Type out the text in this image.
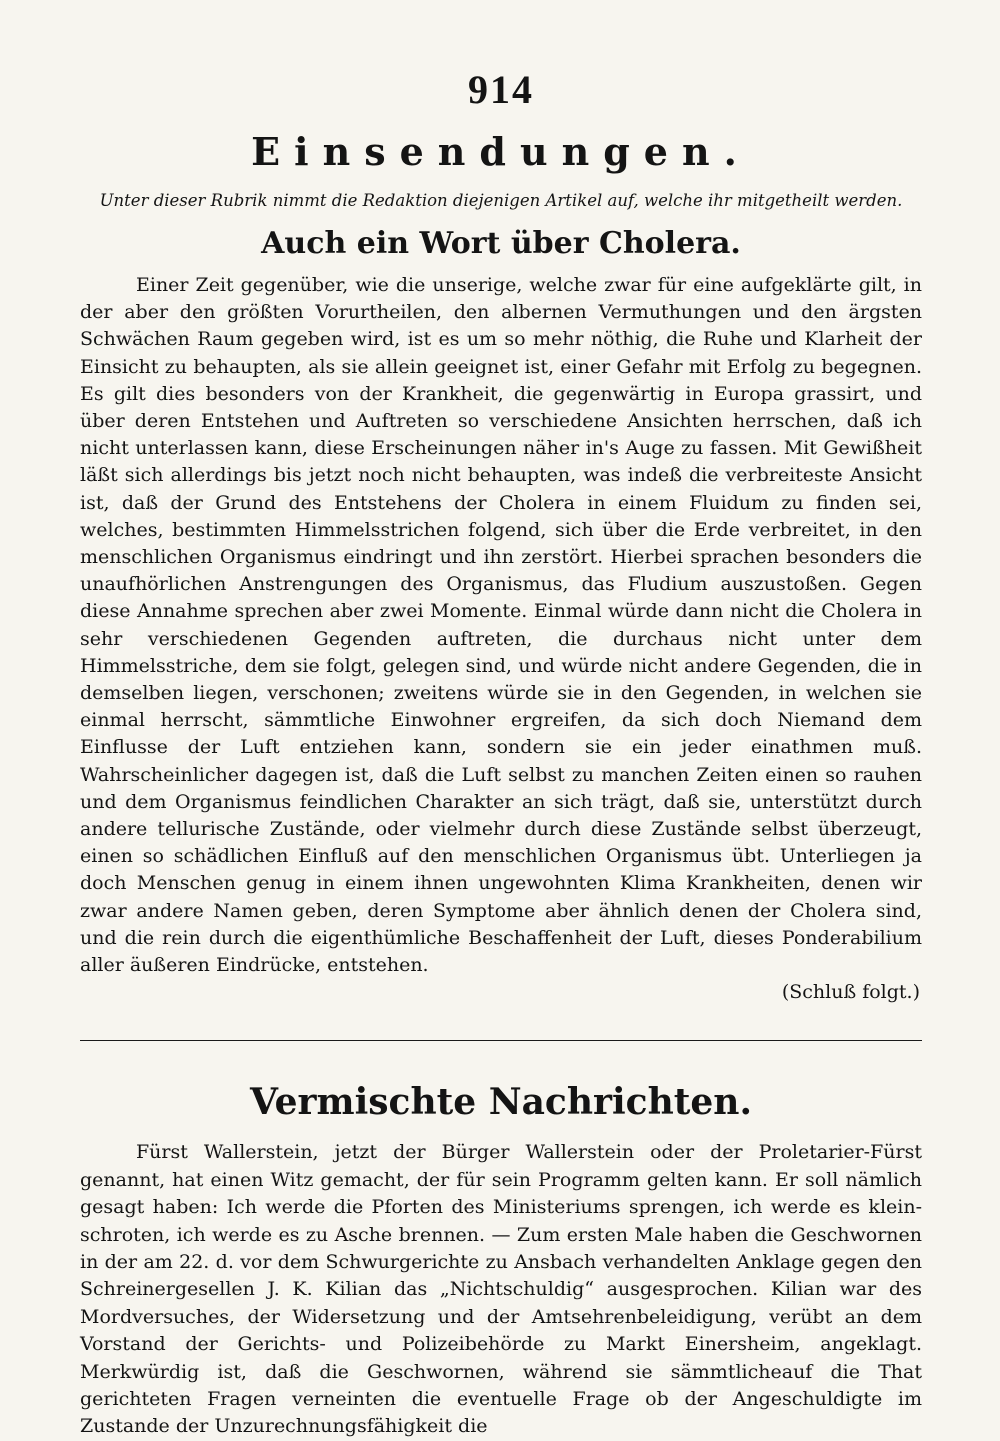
914
Einsendungen.
Unter dieser Rubrik nimmt die Redaktion diejenigen Artikel auf, welche ihr mitgetheilt werden.
Auch ein Wort über Cholera.

Einer Zeit gegenüber, wie die unserige, welche zwar für eine aufgeklärte gilt, in der aber den größten Vorurtheilen, den albernen Vermuthungen und den ärgsten Schwächen Raum gegeben wird, ist es um so mehr nöthig, die Ruhe und Klarheit der Einsicht zu behaupten, als sie allein geeignet ist, einer Gefahr mit Erfolg zu begegnen. Es gilt dies besonders von der Krankheit, die gegenwärtig in Europa grassirt, und über deren Entstehen und Auftreten so verschiedene Ansichten herrschen, daß ich nicht unterlassen kann, diese Erscheinungen näher in's Auge zu fassen. Mit Gewißheit läßt sich allerdings bis jetzt noch nicht behaupten, was indeß die verbreiteste Ansicht ist, daß der Grund des Entstehens der Cholera in einem Fluidum zu finden sei, welches, bestimmten Himmelsstrichen folgend, sich über die Erde verbreitet, in den menschlichen Organismus eindringt und ihn zerstört. Hierbei sprachen besonders die unaufhörlichen Anstrengungen des Organismus, das Fludium auszustoßen. Gegen diese Annahme sprechen aber zwei Momente. Einmal würde dann nicht die Cholera in sehr verschiedenen Gegenden auftreten, die durchaus nicht unter dem Himmelsstriche, dem sie folgt, gelegen sind, und würde nicht andere Gegenden, die in demselben liegen, verschonen; zweitens würde sie in den Gegenden, in welchen sie einmal herrscht, sämmtliche Einwohner ergreifen, da sich doch Niemand dem Einflusse der Luft entziehen kann, sondern sie ein jeder einathmen muß. Wahrscheinlicher dagegen ist, daß die Luft selbst zu manchen Zeiten einen so rauhen und dem Organismus feindlichen Charakter an sich trägt, daß sie, unterstützt durch andere tellurische Zustände, oder vielmehr durch diese Zustände selbst überzeugt, einen so schädlichen Einfluß auf den menschlichen Organismus übt. Unterliegen ja doch Menschen genug in einem ihnen ungewohnten Klima Krankheiten, denen wir zwar andere Namen geben, deren Symptome aber ähnlich denen der Cholera sind, und die rein durch die eigenthümliche Beschaffenheit der Luft, dieses Ponderabilium aller äußeren Eindrücke, entstehen.

(Schluß folgt.)
Vermischte Nachrichten.

Fürst Wallerstein, jetzt der Bürger Wallerstein oder der Proletarier-Fürst genannt, hat einen Witz gemacht, der für sein Programm gelten kann. Er soll nämlich gesagt haben: Ich werde die Pforten des Ministeriums sprengen, ich werde es klein-schroten, ich werde es zu Asche brennen. — Zum ersten Male haben die Geschwornen in der am 22. d. vor dem Schwurgerichte zu Ansbach verhandelten Anklage gegen den Schreinergesellen J. K. Kilian das „Nichtschuldig“ ausgesprochen. Kilian war des Mordversuches, der Widersetzung und der Amtsehrenbeleidigung, verübt an dem Vorstand der Gerichts- und Polizeibehörde zu Markt Einersheim, angeklagt. Merkwürdig ist, daß die Geschwornen, während sie sämmtlicheauf die That gerichteten Fragen verneinten die eventuelle Frage ob der Angeschuldigte im Zustande der Unzurechnungsfähigkeit die
